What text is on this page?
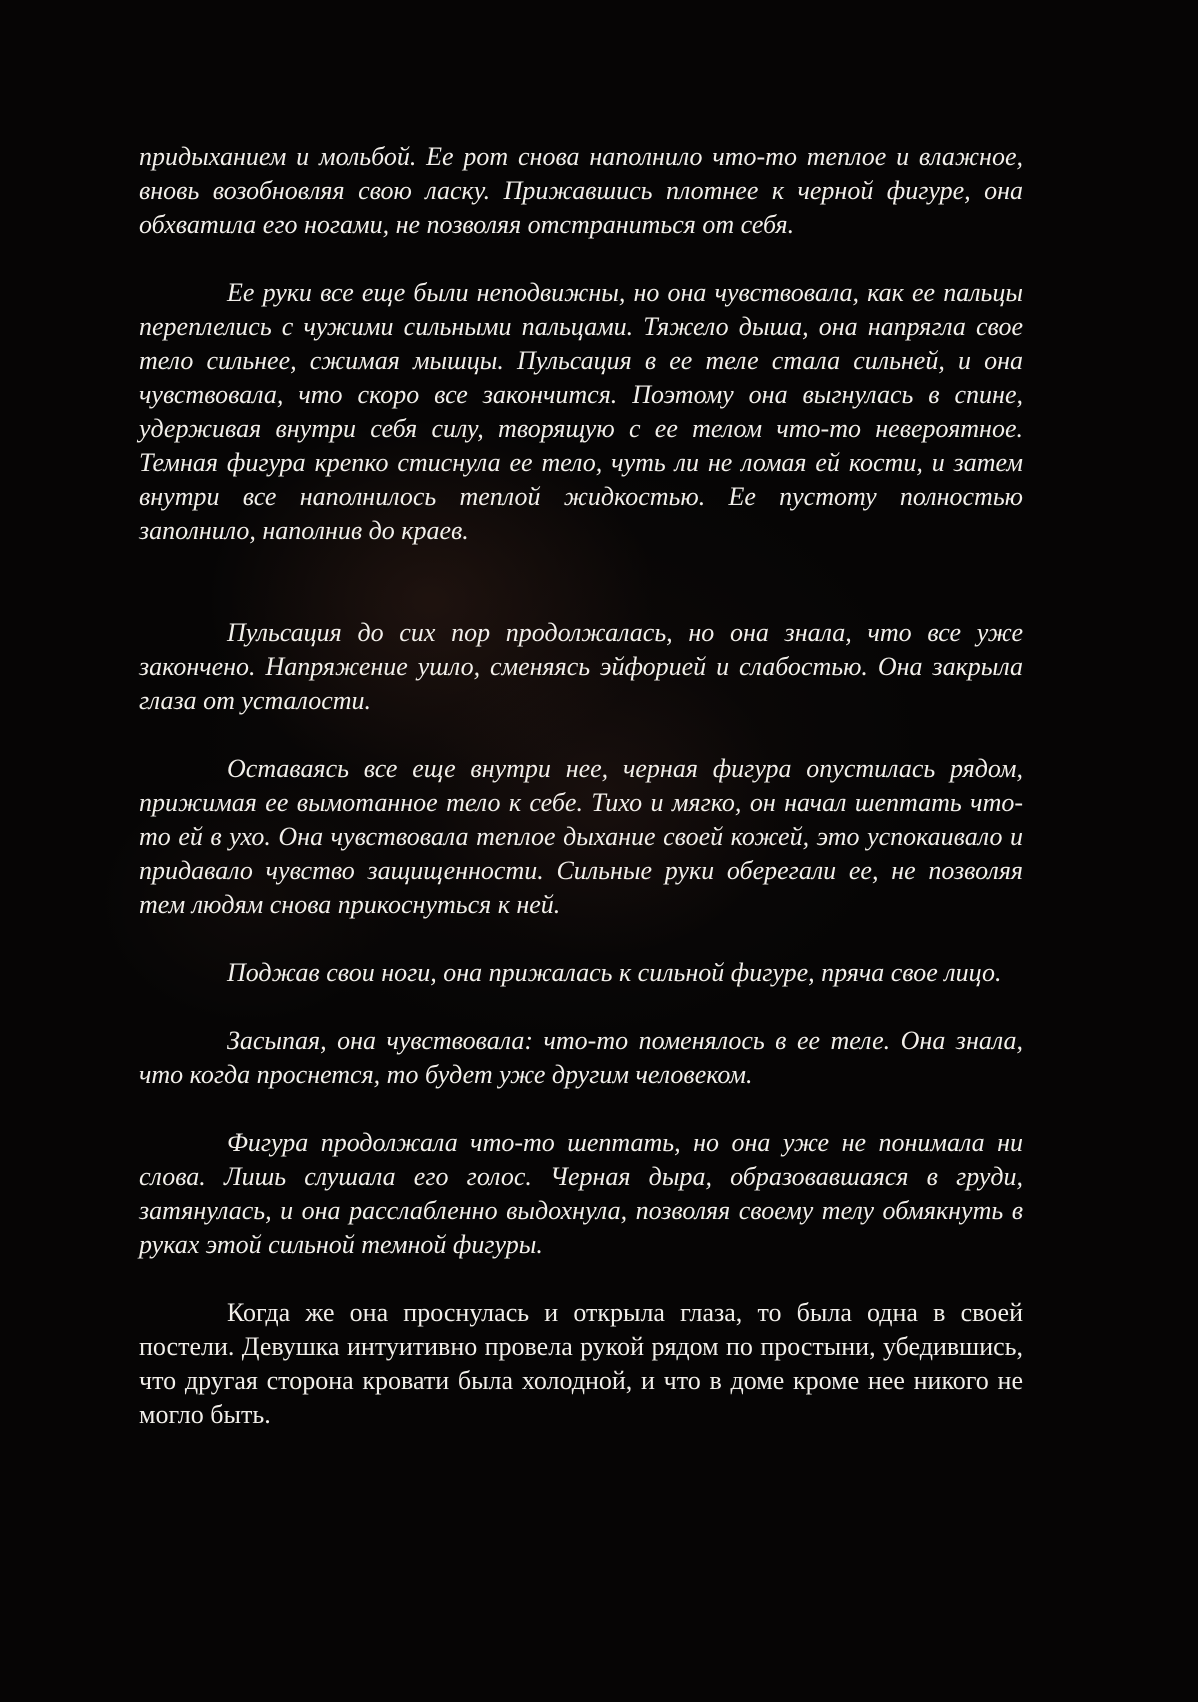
придыханием и мольбой. Ее рот снова наполнило что-то теплое и влажное, вновь возобновляя свою ласку. Прижавшись плотнее к черной фигуре, она обхватила его ногами, не позволяя отстраниться от себя.

Ее руки все еще были неподвижны, но она чувствовала, как ее пальцы переплелись с чужими сильными пальцами. Тяжело дыша, она напрягла свое тело сильнее, сжимая мышцы. Пульсация в ее теле стала сильней, и она чувствовала, что скоро все закончится. Поэтому она выгнулась в спине, удерживая внутри себя силу, творящую с ее телом что-то невероятное. Темная фигура крепко стиснула ее тело, чуть ли не ломая ей кости, и затем внутри все наполнилось теплой жидкостью. Ее пустоту полностью заполнило, наполнив до краев.

Пульсация до сих пор продолжалась, но она знала, что все уже закончено. Напряжение ушло, сменяясь эйфорией и слабостью. Она закрыла глаза от усталости.

Оставаясь все еще внутри нее, черная фигура опустилась рядом, прижимая ее вымотанное тело к себе. Тихо и мягко, он начал шептать что-то ей в ухо. Она чувствовала теплое дыхание своей кожей, это успокаивало и придавало чувство защищенности. Сильные руки оберегали ее, не позволяя тем людям снова прикоснуться к ней.

Поджав свои ноги, она прижалась к сильной фигуре, пряча свое лицо.

Засыпая, она чувствовала: что-то поменялось в ее теле. Она знала, что когда проснется, то будет уже другим человеком.

Фигура продолжала что-то шептать, но она уже не понимала ни слова. Лишь слушала его голос. Черная дыра, образовавшаяся в груди, затянулась, и она расслабленно выдохнула, позволяя своему телу обмякнуть в руках этой сильной темной фигуры.

Когда же она проснулась и открыла глаза, то была одна в своей постели. Девушка интуитивно провела рукой рядом по простыни, убедившись, что другая сторона кровати была холодной, и что в доме кроме нее никого не могло быть.
